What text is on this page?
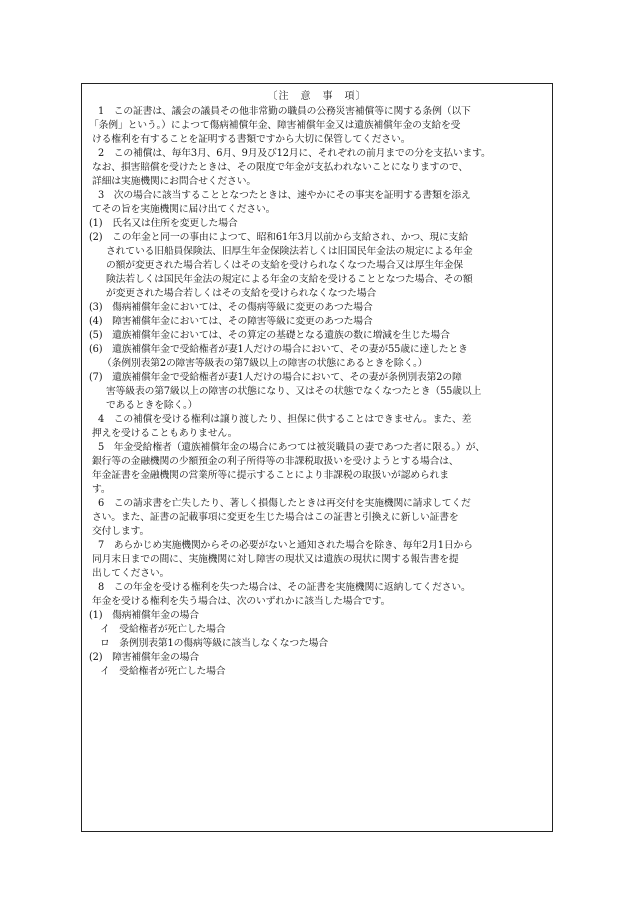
〔注　意　事　項〕
1　この証書は、議会の議員その他非常勤の職員の公務災害補償等に関する条例（以下
「条例」という。）によつて傷病補償年金、障害補償年金又は遺族補償年金の支給を受
ける権利を有することを証明する書類ですから大切に保管してください。
2　この補償は、毎年3月、6月、9月及び12月に、それぞれの前月までの分を支払います。
なお、損害賠償を受けたときは、その限度で年金が支払われないことになりますので、
詳細は実施機関にお問合せください。
3　次の場合に該当することとなつたときは、速やかにその事実を証明する書類を添え
てその旨を実施機関に届け出てください。
(1)　氏名又は住所を変更した場合
(2)　この年金と同一の事由によつて、昭和61年3月以前から支給され、かつ、現に支給
されている旧船員保険法、旧厚生年金保険法若しくは旧国民年金法の規定による年金
の額が変更された場合若しくはその支給を受けられなくなつた場合又は厚生年金保
険法若しくは国民年金法の規定による年金の支給を受けることとなつた場合、その額
が変更された場合若しくはその支給を受けられなくなつた場合
(3)　傷病補償年金においては、その傷病等級に変更のあつた場合
(4)　障害補償年金においては、その障害等級に変更のあつた場合
(5)　遺族補償年金においては、その算定の基礎となる遺族の数に増減を生じた場合
(6)　遺族補償年金で受給権者が妻1人だけの場合において、その妻が55歳に達したとき
（条例別表第2の障害等級表の第7級以上の障害の状態にあるときを除く。）
(7)　遺族補償年金で受給権者が妻1人だけの場合において、その妻が条例別表第2の障
害等級表の第7級以上の障害の状態になり、又はその状態でなくなつたとき（55歳以上
であるときを除く。）
4　この補償を受ける権利は譲り渡したり、担保に供することはできません。また、差
押えを受けることもありません。
5　年金受給権者（遺族補償年金の場合にあつては被災職員の妻であつた者に限る。）が、
銀行等の金融機関の少額預金の利子所得等の非課税取扱いを受けようとする場合は、
年金証書を金融機関の営業所等に提示することにより非課税の取扱いが認められま
す。
6　この請求書を亡失したり、著しく損傷したときは再交付を実施機関に請求してくだ
さい。また、証書の記載事項に変更を生じた場合はこの証書と引換えに新しい証書を
交付します。
7　あらかじめ実施機関からその必要がないと通知された場合を除き、毎年2月1日から
同月末日までの間に、実施機関に対し障害の現状又は遺族の現状に関する報告書を提
出してください。
8　この年金を受ける権利を失つた場合は、その証書を実施機関に返納してください。
年金を受ける権利を失う場合は、次のいずれかに該当した場合です。
(1)　傷病補償年金の場合
イ　受給権者が死亡した場合
ロ　条例別表第1の傷病等級に該当しなくなつた場合
(2)　障害補償年金の場合
イ　受給権者が死亡した場合
